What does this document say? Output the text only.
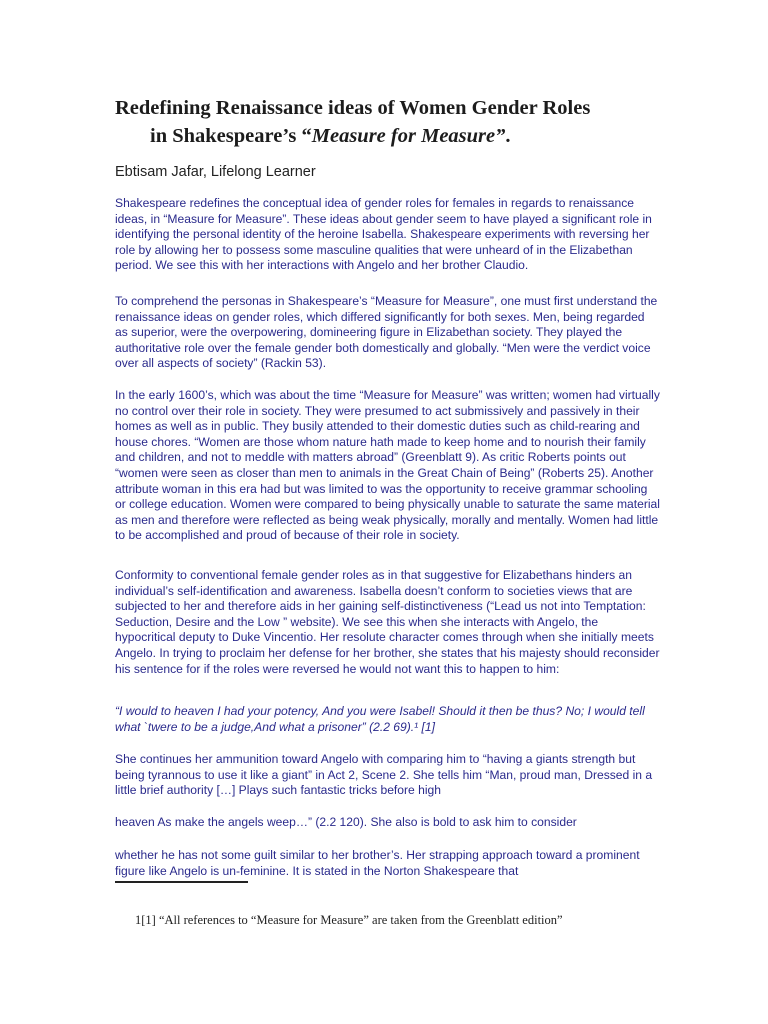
Redefining Renaissance ideas of Women Gender Roles
in Shakespeare’s “Measure for Measure”.
Ebtisam Jafar, Lifelong Learner

Shakespeare redefines the conceptual idea of gender roles for females in regards to renaissance ideas, in “Measure for Measure”. These ideas about gender seem to have played a significant role in identifying the personal identity of the heroine Isabella. Shakespeare experiments with reversing her role by allowing her to possess some masculine qualities that were unheard of in the Elizabethan period. We see this with her interactions with Angelo and her brother Claudio.

To comprehend the personas in Shakespeare’s “Measure for Measure”, one must first understand the renaissance ideas on gender roles, which differed significantly for both sexes. Men, being regarded as superior, were the overpowering, domineering figure in Elizabethan society. They played the authoritative role over the female gender both domestically and globally. “Men were the verdict voice over all aspects of society” (Rackin 53).

In the early 1600’s, which was about the time “Measure for Measure” was written; women had virtually no control over their role in society. They were presumed to act submissively and passively in their homes as well as in public. They busily attended to their domestic duties such as child-rearing and house chores. “Women are those whom nature hath made to keep home and to nourish their family and children, and not to meddle with matters abroad” (Greenblatt 9). As critic Roberts points out “women were seen as closer than men to animals in the Great Chain of Being” (Roberts 25). Another attribute woman in this era had but was limited to was the opportunity to receive grammar schooling or college education. Women were compared to being physically unable to saturate the same material as men and therefore were reflected as being weak physically, morally and mentally. Women had little to be accomplished and proud of because of their role in society.

Conformity to conventional female gender roles as in that suggestive for Elizabethans hinders an individual’s self-identification and awareness. Isabella doesn’t conform to societies views that are subjected to her and therefore aids in her gaining self-distinctiveness (“Lead us not into Temptation: Seduction, Desire and the Low ” website). We see this when she interacts with Angelo, the hypocritical deputy to Duke Vincentio. Her resolute character comes through when she initially meets Angelo. In trying to proclaim her defense for her brother, she states that his majesty should reconsider his sentence for if the roles were reversed he would not want this to happen to him:

“I would to heaven I had your potency, And you were Isabel! Should it then be thus? No; I would tell what `twere to be a judge,And what a prisoner” (2.2 69).¹ [1]

She continues her ammunition toward Angelo with comparing him to “having a giants strength but being tyrannous to use it like a giant” in Act 2, Scene 2. She tells him “Man, proud man, Dressed in a little brief authority […] Plays such fantastic tricks before high

heaven As make the angels weep…” (2.2 120). She also is bold to ask him to consider

whether he has not some guilt similar to her brother’s. Her strapping approach toward a prominent figure like Angelo is un-feminine. It is stated in the Norton Shakespeare that

1[1] “All references to “Measure for Measure” are taken from the Greenblatt edition”
